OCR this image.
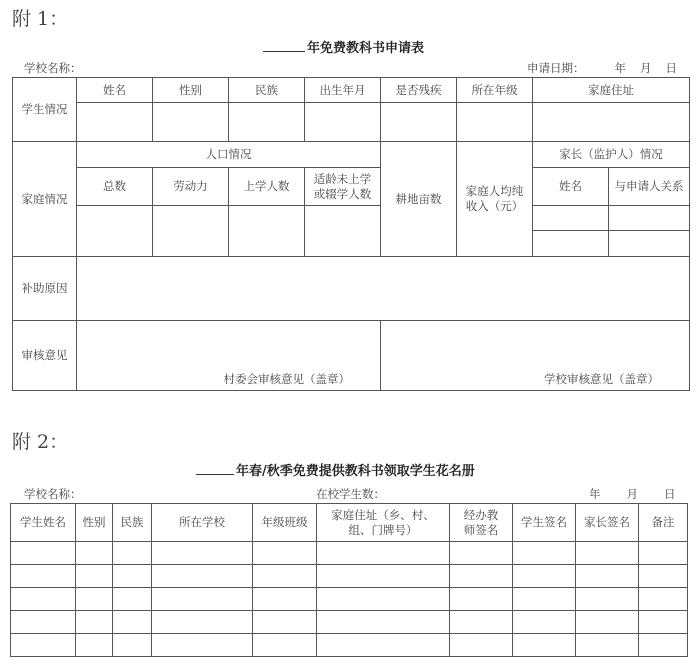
附 1：
年免费教科书申请表
学校名称：	申请日期：	年 月 日
学生情况	姓名	性别	民族	出生年月	是否残疾	所在年级	家庭住址	

家庭情况	人口情况				耕地亩数	家庭人均纯收入（元）	家长（监护人）情况	
	总数	劳动力	上学人数	适龄未上学或辍学人数			姓名	与申请人关系

补助原因								
审核意见	村委会审核意见（盖章）				学校审核意见（盖章）			
附 2：
年春/秋季免费提供教科书领取学生花名册
学校名称：	在校学生数：	年 月 日
学生姓名	性别	民族	所在学校	年级班级	家庭住址（乡、村、组、门牌号）	经办教师签名	学生签名	家长签名	备注
